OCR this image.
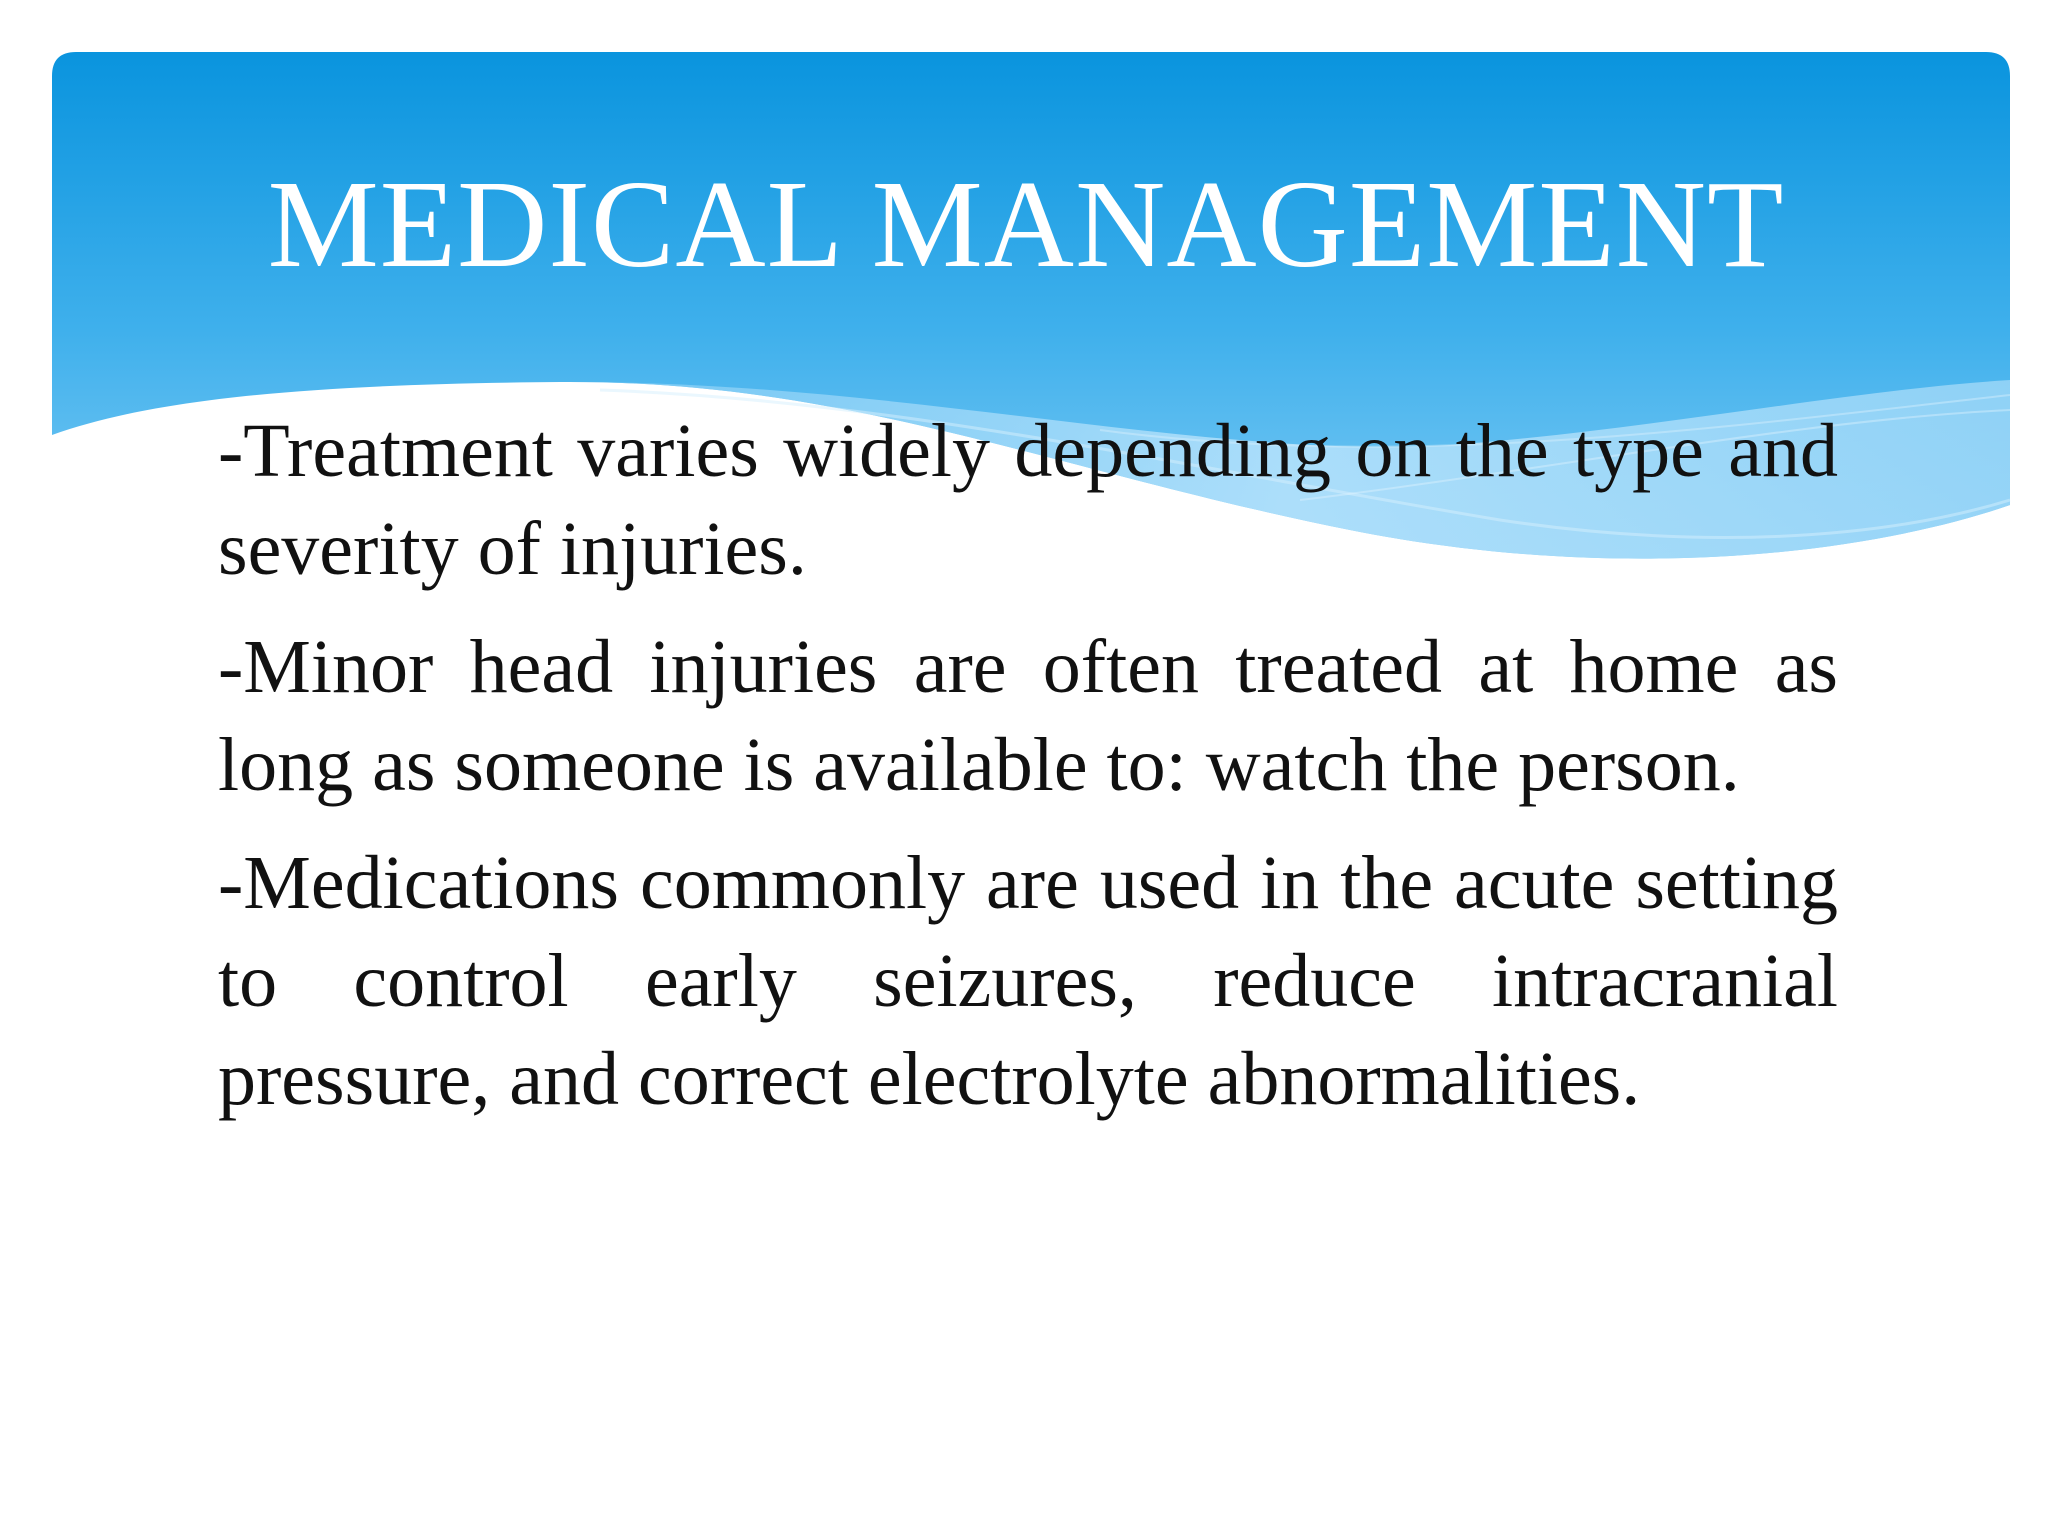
MEDICAL MANAGEMENT

-Treatment varies widely depending on the type and severity of injuries.

-Minor head injuries are often treated at home as long as someone is available to: watch the person.

-Medications commonly are used in the acute setting to control early seizures, reduce intracranial pressure, and correct electrolyte abnormalities.
